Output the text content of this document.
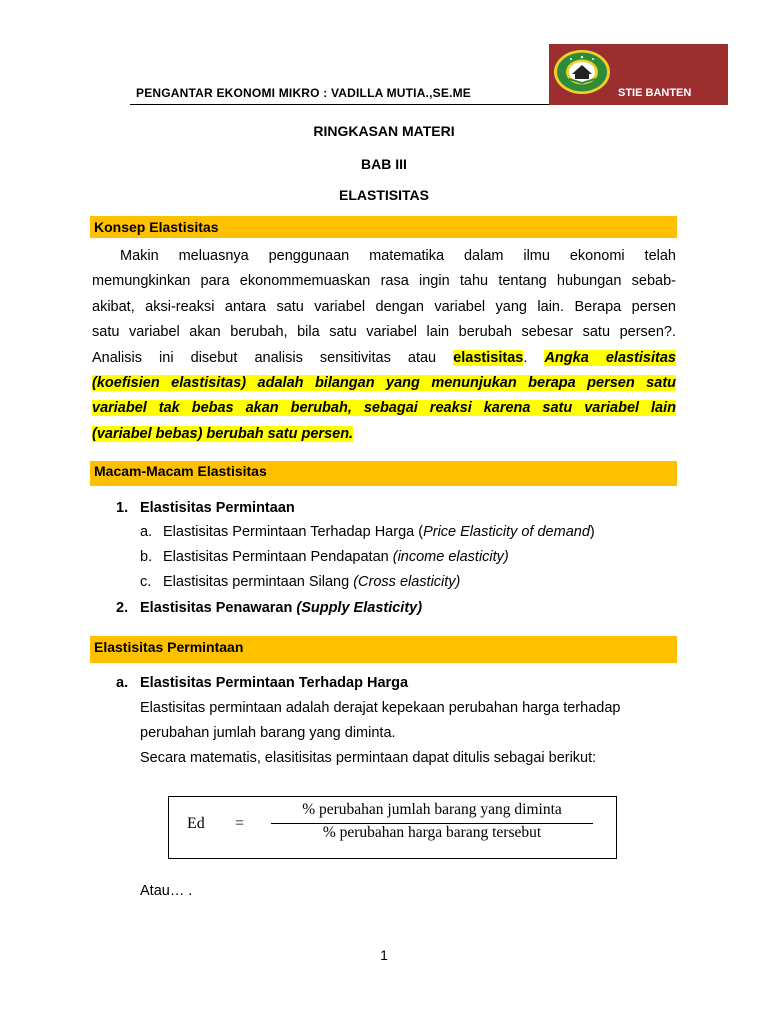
PENGANTAR EKONOMI MIKRO : VADILLA MUTIA.,SE.ME	STIE BANTEN
RINGKASAN MATERI
BAB III
ELASTISITAS
Konsep Elastisitas
Makin meluasnya penggunaan matematika dalam ilmu ekonomi telah
memungkinkan para ekonommemuaskan rasa ingin tahu tentang hubungan sebab-
akibat, aksi-reaksi antara satu variabel dengan variabel yang lain. Berapa persen
satu variabel akan berubah, bila satu variabel lain berubah sebesar satu persen?.
Analisis ini disebut analisis sensitivitas atau elastisitas. Angka elastisitas
(koefisien elastisitas) adalah bilangan yang menunjukan berapa persen satu
variabel tak bebas akan berubah, sebagai reaksi karena satu variabel lain
(variabel bebas) berubah satu persen.
Macam-Macam Elastisitas
1. Elastisitas Permintaan
a. Elastisitas Permintaan Terhadap Harga (Price Elasticity of demand)
b. Elastisitas Permintaan Pendapatan (income elasticity)
c. Elastisitas permintaan Silang (Cross elasticity)
2. Elastisitas Penawaran (Supply Elasticity)
Elastisitas Permintaan
a. Elastisitas Permintaan Terhadap Harga
Elastisitas permintaan adalah derajat kepekaan perubahan harga terhadap
perubahan jumlah barang yang diminta.
Secara matematis, elasitisitas permintaan dapat ditulis sebagai berikut:
Ed =
% perubahan jumlah barang yang diminta
% perubahan harga barang tersebut
Atau… .
1
